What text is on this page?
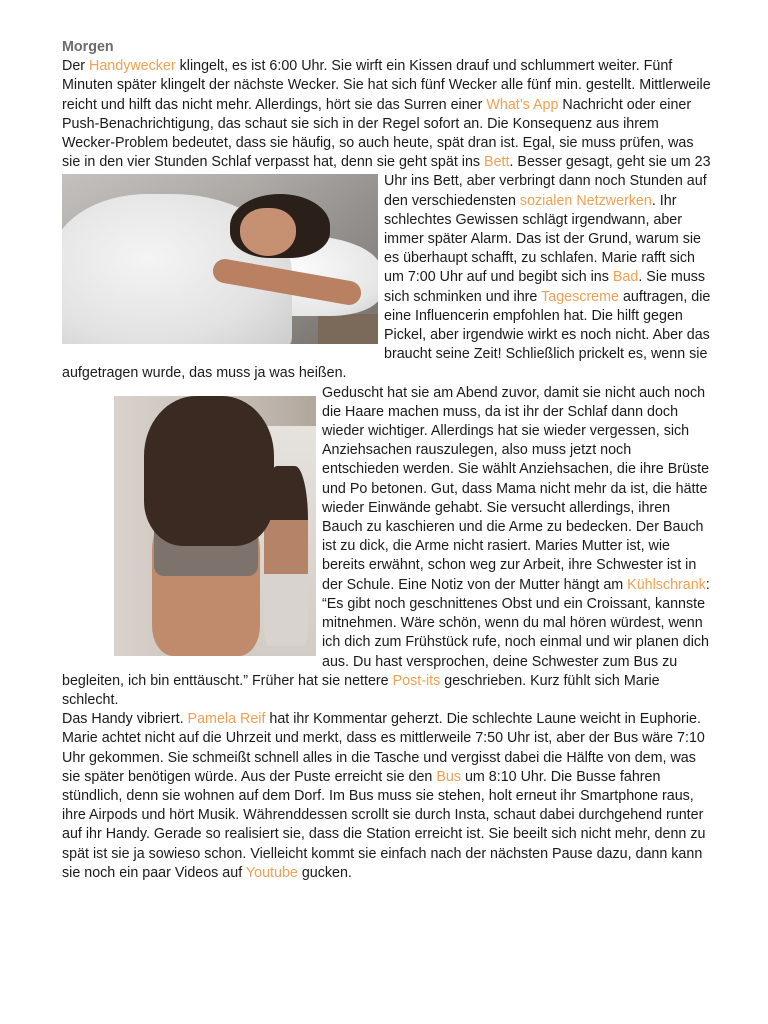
Morgen

Der Handywecker klingelt, es ist 6:00 Uhr. Sie wirft ein Kissen drauf und schlummert weiter. Fünf Minuten später klingelt der nächste Wecker. Sie hat sich fünf Wecker alle fünf min. gestellt. Mittlerweile reicht und hilft das nicht mehr. Allerdings, hört sie das Surren einer What’s App Nachricht oder einer Push-Benachrichtigung, das schaut sie sich in der Regel sofort an. Die Konsequenz aus ihrem Wecker-Problem bedeutet, dass sie häufig, so auch heute, spät dran ist. Egal, sie muss prüfen, was sie in den vier Stunden Schlaf verpasst hat, denn sie geht spät ins
Bett. Besser gesagt, geht sie um 23 Uhr ins Bett, aber verbringt dann noch Stunden auf den verschiedensten sozialen Netzwerken. Ihr schlechtes Gewissen schlägt irgendwann, aber immer später Alarm. Das ist der Grund, warum sie es überhaupt schafft, zu schlafen. Marie rafft sich um 7:00 Uhr auf und begibt sich ins Bad. Sie muss sich schminken und ihre Tagescreme auftragen, die eine Influencerin empfohlen hat. Die hilft gegen Pickel, aber irgendwie wirkt es noch nicht. Aber das braucht seine Zeit! Schließlich prickelt es, wenn sie aufgetragen wurde, das muss ja was heißen.

Geduscht hat sie am Abend zuvor, damit sie nicht auch noch die Haare machen muss, da ist ihr der Schlaf dann doch wieder wichtiger. Allerdings hat sie wieder vergessen, sich Anziehsachen rauszulegen, also muss jetzt noch entschieden werden. Sie wählt Anziehsachen, die ihre Brüste und Po betonen. Gut, dass Mama nicht mehr da ist, die hätte wieder Einwände gehabt. Sie versucht allerdings, ihren Bauch zu kaschieren und die Arme zu bedecken. Der Bauch ist zu dick, die Arme nicht rasiert. Maries Mutter ist, wie bereits erwähnt, schon weg zur Arbeit, ihre Schwester ist in der Schule. Eine Notiz von der Mutter hängt am Kühlschrank: “Es gibt noch geschnittenes Obst und ein Croissant, kannste mitnehmen. Wäre schön, wenn du mal hören würdest, wenn ich dich zum Frühstück rufe, noch einmal und wir planen dich aus. Du hast versprochen, deine Schwester zum Bus zu begleiten, ich bin enttäuscht.” Früher hat sie nettere Post-its geschrieben. Kurz fühlt sich Marie schlecht.

Das Handy vibriert. Pamela Reif hat ihr Kommentar geherzt. Die schlechte Laune weicht in Euphorie. Marie achtet nicht auf die Uhrzeit und merkt, dass es mittlerweile 7:50 Uhr ist, aber der Bus wäre 7:10 Uhr gekommen. Sie schmeißt schnell alles in die Tasche und vergisst dabei die Hälfte von dem, was sie später benötigen würde. Aus der Puste erreicht sie den Bus um 8:10 Uhr. Die Busse fahren stündlich, denn sie wohnen auf dem Dorf. Im Bus muss sie stehen, holt erneut ihr Smartphone raus, ihre Airpods und hört Musik. Währenddessen scrollt sie durch Insta, schaut dabei durchgehend runter auf ihr Handy. Gerade so realisiert sie, dass die Station erreicht ist. Sie beeilt sich nicht mehr, denn zu spät ist sie ja sowieso schon. Vielleicht kommt sie einfach nach der nächsten Pause dazu, dann kann sie noch ein paar Videos auf Youtube gucken.
